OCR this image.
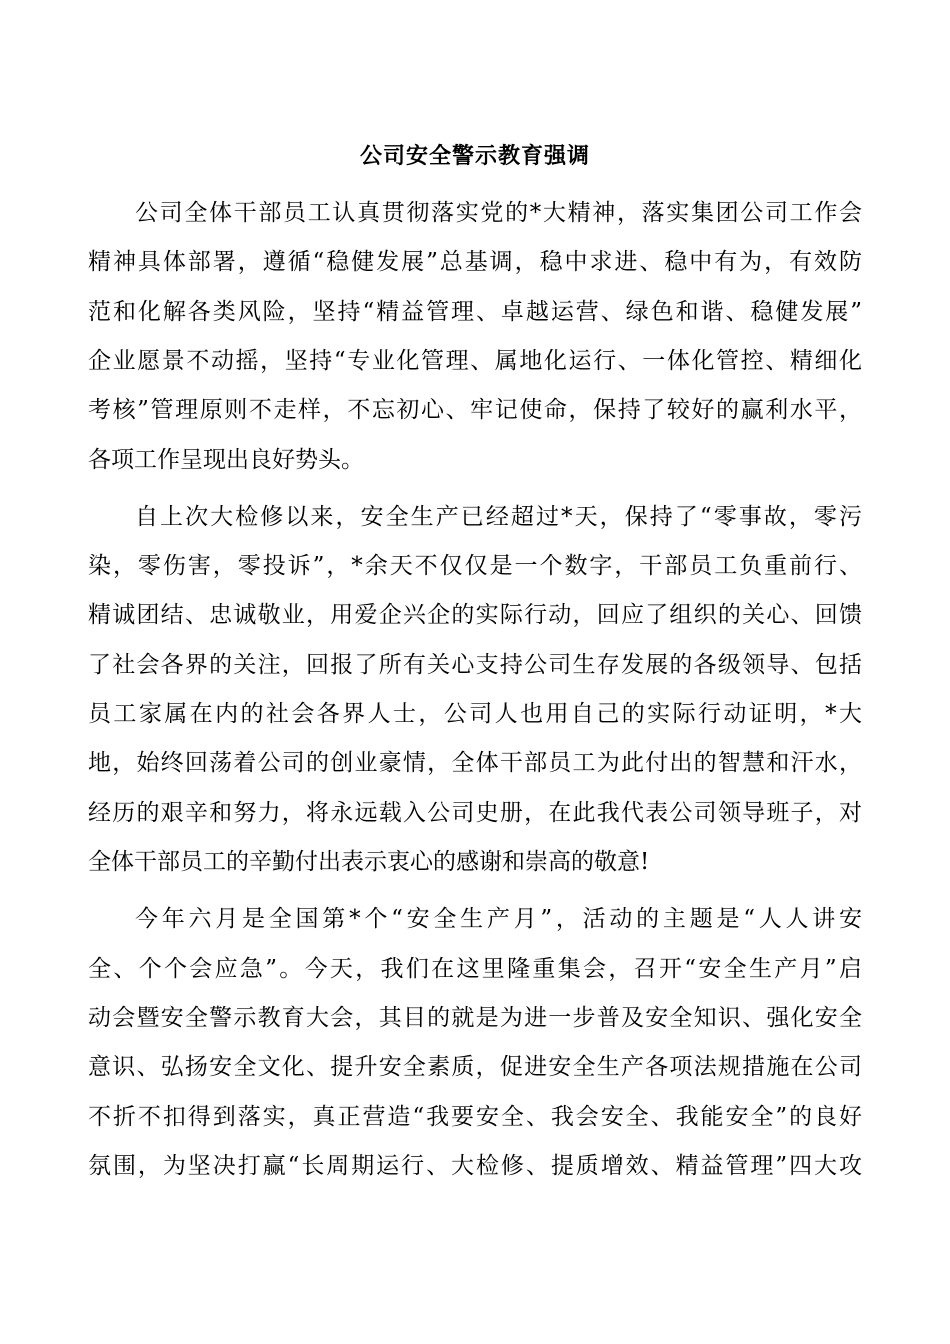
公司安全警示教育强调
公司全体干部员工认真贯彻落实党的*大精神，落实集团公司工作会
精神具体部署，遵循“稳健发展”总基调，稳中求进、稳中有为，有效防
范和化解各类风险，坚持“精益管理、卓越运营、绿色和谐、稳健发展”
企业愿景不动摇，坚持“专业化管理、属地化运行、一体化管控、精细化
考核”管理原则不走样，不忘初心、牢记使命，保持了较好的赢利水平，
各项工作呈现出良好势头。
自上次大检修以来，安全生产已经超过*天，保持了“零事故，零污
染，零伤害，零投诉”，*余天不仅仅是一个数字，干部员工负重前行、
精诚团结、忠诚敬业，用爱企兴企的实际行动，回应了组织的关心、回馈
了社会各界的关注，回报了所有关心支持公司生存发展的各级领导、包括
员工家属在内的社会各界人士，公司人也用自己的实际行动证明，*大
地，始终回荡着公司的创业豪情，全体干部员工为此付出的智慧和汗水，
经历的艰辛和努力，将永远载入公司史册，在此我代表公司领导班子，对
全体干部员工的辛勤付出表示衷心的感谢和崇高的敬意!
今年六月是全国第*个“安全生产月”，活动的主题是“人人讲安
全、个个会应急”。今天，我们在这里隆重集会，召开“安全生产月”启
动会暨安全警示教育大会，其目的就是为进一步普及安全知识、强化安全
意识、弘扬安全文化、提升安全素质，促进安全生产各项法规措施在公司
不折不扣得到落实，真正营造“我要安全、我会安全、我能安全”的良好
氛围，为坚决打赢“长周期运行、大检修、提质增效、精益管理”四大攻
